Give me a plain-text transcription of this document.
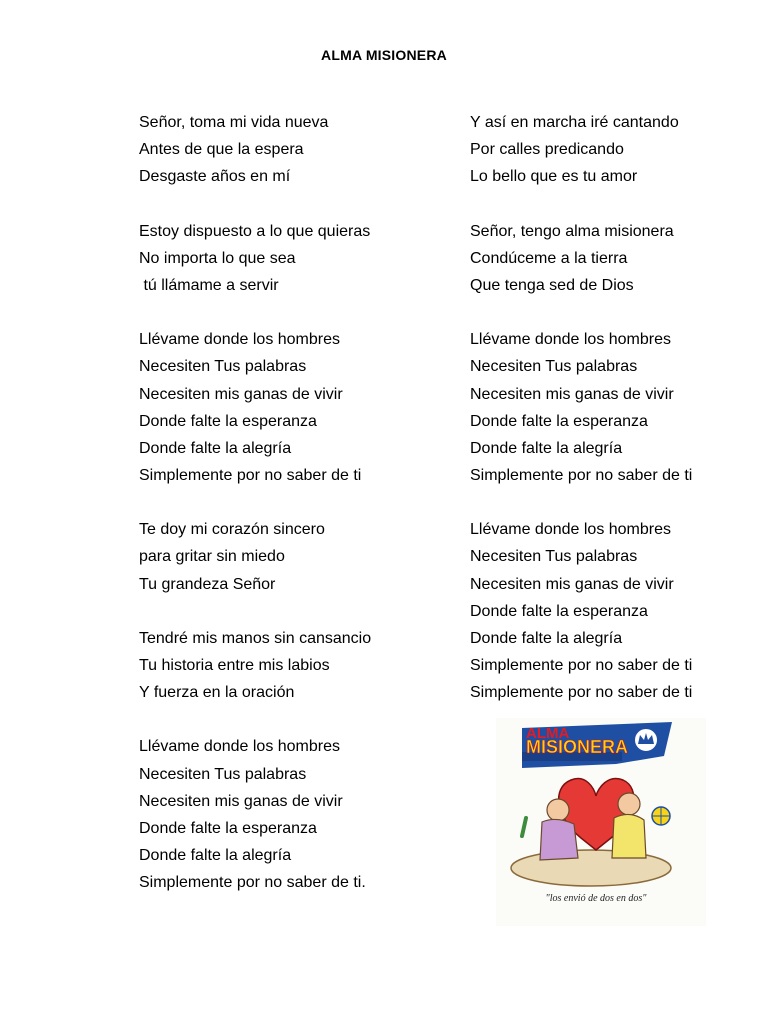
ALMA MISIONERA
Señor, toma mi vida nueva
Antes de que la espera
Desgaste años en mí
Estoy dispuesto a lo que quieras
No importa lo que sea
tú llámame a servir
Llévame donde los hombres
Necesiten Tus palabras
Necesiten mis ganas de vivir
Donde falte la esperanza
Donde falte la alegría
Simplemente por no saber de ti
Te doy mi corazón sincero
para gritar sin miedo
Tu grandeza Señor
Tendré mis manos sin cansancio
Tu historia entre mis labios
Y fuerza en la oración
Llévame donde los hombres
Necesiten Tus palabras
Necesiten mis ganas de vivir
Donde falte la esperanza
Donde falte la alegría
Simplemente por no saber de ti.
Y así en marcha iré cantando
Por calles predicando
Lo bello que es tu amor
Señor, tengo alma misionera
Condúceme a la tierra
Que tenga sed de Dios
Llévame donde los hombres
Necesiten Tus palabras
Necesiten mis ganas de vivir
Donde falte la esperanza
Donde falte la alegría
Simplemente por no saber de ti
Llévame donde los hombres
Necesiten Tus palabras
Necesiten mis ganas de vivir
Donde falte la esperanza
Donde falte la alegría
Simplemente por no saber de ti
Simplemente por no saber de ti
ALMA
MISIONERA
"los envió de dos en dos"
